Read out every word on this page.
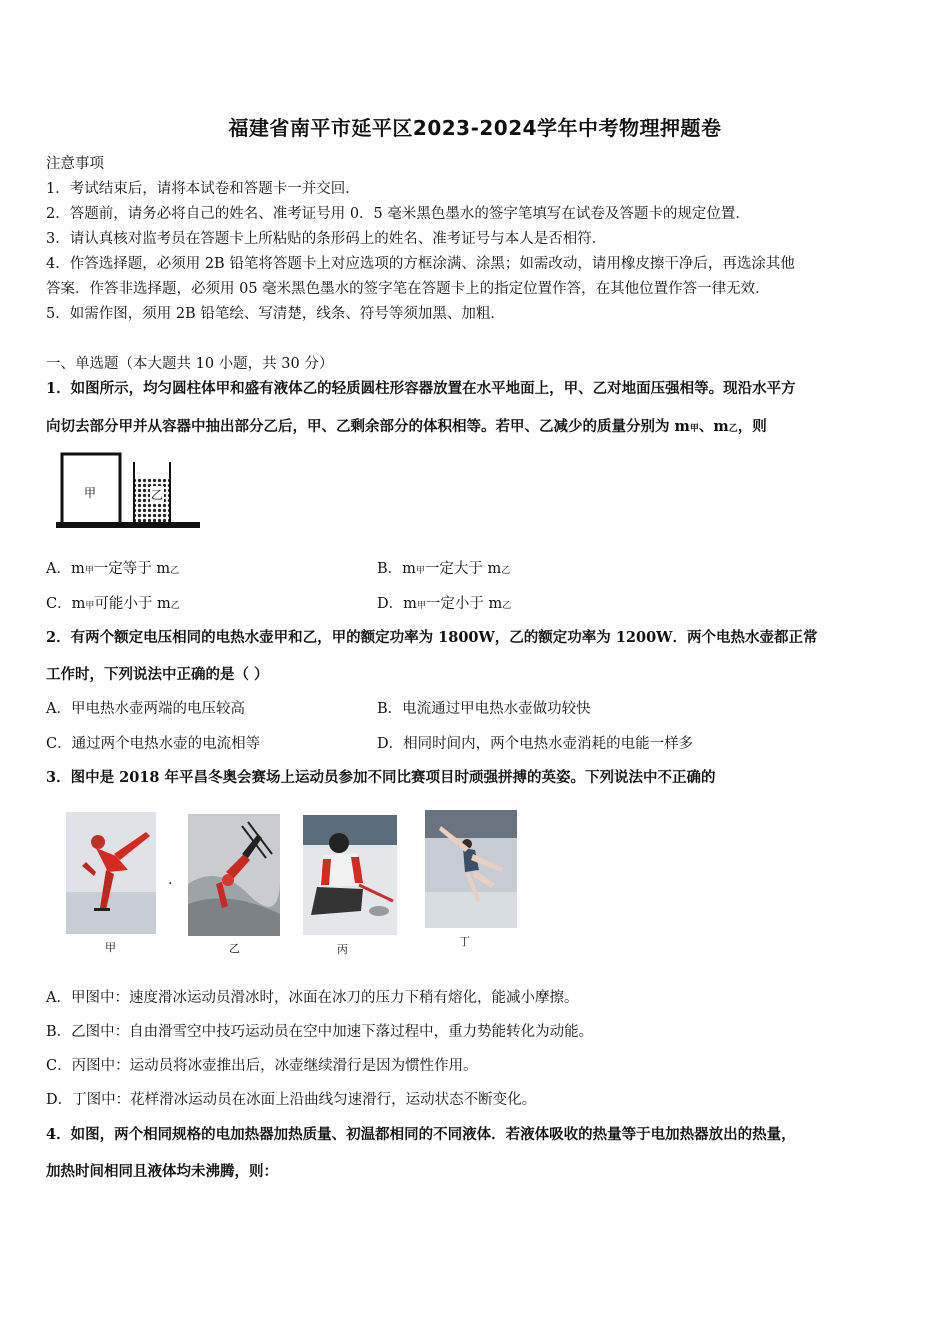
福建省南平市延平区2023-2024学年中考物理押题卷
注意事项
1．考试结束后，请将本试卷和答题卡一并交回．
2．答题前，请务必将自己的姓名、准考证号用 0．5 毫米黑色墨水的签字笔填写在试卷及答题卡的规定位置．
3．请认真核对监考员在答题卡上所粘贴的条形码上的姓名、准考证号与本人是否相符．
4．作答选择题，必须用 2B 铅笔将答题卡上对应选项的方框涂满、涂黑；如需改动，请用橡皮擦干净后，再选涂其他
答案．作答非选择题，必须用 05 毫米黑色墨水的签字笔在答题卡上的指定位置作答，在其他位置作答一律无效．
5．如需作图，须用 2B 铅笔绘、写清楚，线条、符号等须加黑、加粗．
一、单选题（本大题共 10 小题，共 30 分）
1．如图所示，均匀圆柱体甲和盛有液体乙的轻质圆柱形容器放置在水平地面上，甲、乙对地面压强相等。现沿水平方
向切去部分甲并从容器中抽出部分乙后，甲、乙剩余部分的体积相等。若甲、乙减少的质量分别为 m甲、m乙，则
甲	乙
A．m甲一定等于 m乙	B．m甲一定大于 m乙
C．m甲可能小于 m乙	D．m甲一定小于 m乙
2．有两个额定电压相同的电热水壶甲和乙，甲的额定功率为 1800W，乙的额定功率为 1200W．两个电热水壶都正常
工作时，下列说法中正确的是（ ）
A．甲电热水壶两端的电压较高	B．电流通过甲电热水壶做功较快
C．通过两个电热水壶的电流相等	D．相同时间内，两个电热水壶消耗的电能一样多
3．图中是 2018 年平昌冬奥会赛场上运动员参加不同比赛项目时顽强拼搏的英姿。下列说法中不正确的
甲	乙	丙
丁
·
A．甲图中：速度滑冰运动员滑冰时，冰面在冰刀的压力下稍有熔化，能减小摩擦。
B．乙图中：自由滑雪空中技巧运动员在空中加速下落过程中，重力势能转化为动能。
C．丙图中：运动员将冰壶推出后，冰壶继续滑行是因为惯性作用。
D．丁图中：花样滑冰运动员在冰面上沿曲线匀速滑行，运动状态不断变化。
4．如图，两个相同规格的电加热器加热质量、初温都相同的不同液体．若液体吸收的热量等于电加热器放出的热量，
加热时间相同且液体均未沸腾，则：
